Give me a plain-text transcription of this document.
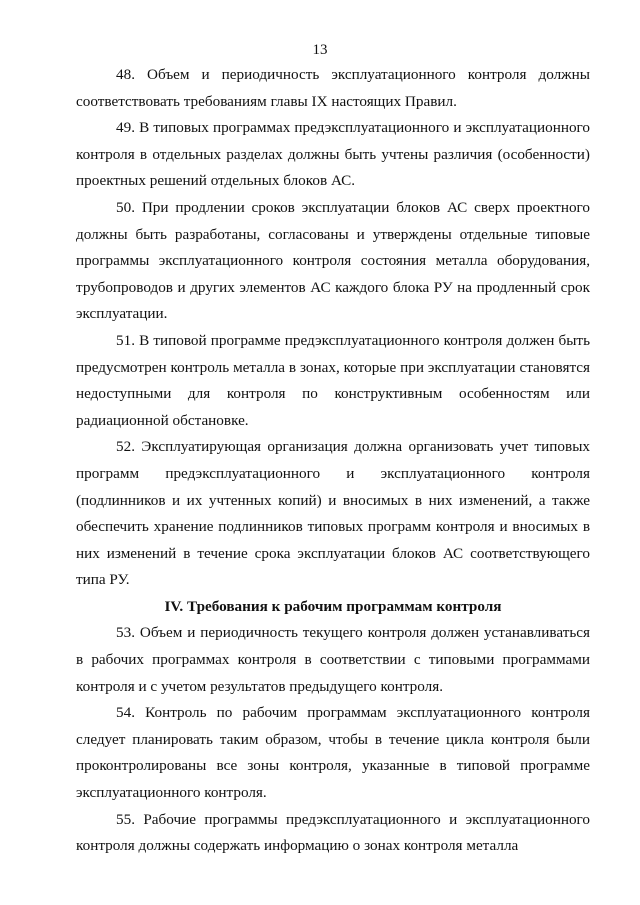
13

48. Объем и периодичность эксплуатационного контроля должны соответствовать требованиям главы IX настоящих Правил.

49. В типовых программах предэксплуатационного и эксплуатационного контроля в отдельных разделах должны быть учтены различия (особенности) проектных решений отдельных блоков АС.

50. При продлении сроков эксплуатации блоков АС сверх проектного должны быть разработаны, согласованы и утверждены отдельные типовые программы эксплуатационного контроля состояния металла оборудования, трубопроводов и других элементов АС каждого блока РУ на продленный срок эксплуатации.

51. В типовой программе предэксплуатационного контроля должен быть предусмотрен контроль металла в зонах, которые при эксплуатации становятся недоступными для контроля по конструктивным особенностям или радиационной обстановке.

52. Эксплуатирующая организация должна организовать учет типовых программ предэксплуатационного и эксплуатационного контроля (подлинников и их учтенных копий) и вносимых в них изменений, а также обеспечить хранение подлинников типовых программ контроля и вносимых в них изменений в течение срока эксплуатации блоков АС соответствующего типа РУ.

IV. Требования к рабочим программам контроля

53. Объем и периодичность текущего контроля должен устанавливаться в рабочих программах контроля в соответствии с типовыми программами контроля и с учетом результатов предыдущего контроля.

54. Контроль по рабочим программам эксплуатационного контроля следует планировать таким образом, чтобы в течение цикла контроля были проконтролированы все зоны контроля, указанные в типовой программе эксплуатационного контроля.

55. Рабочие программы предэксплуатационного и эксплуатационного контроля должны содержать информацию о зонах контроля металла
